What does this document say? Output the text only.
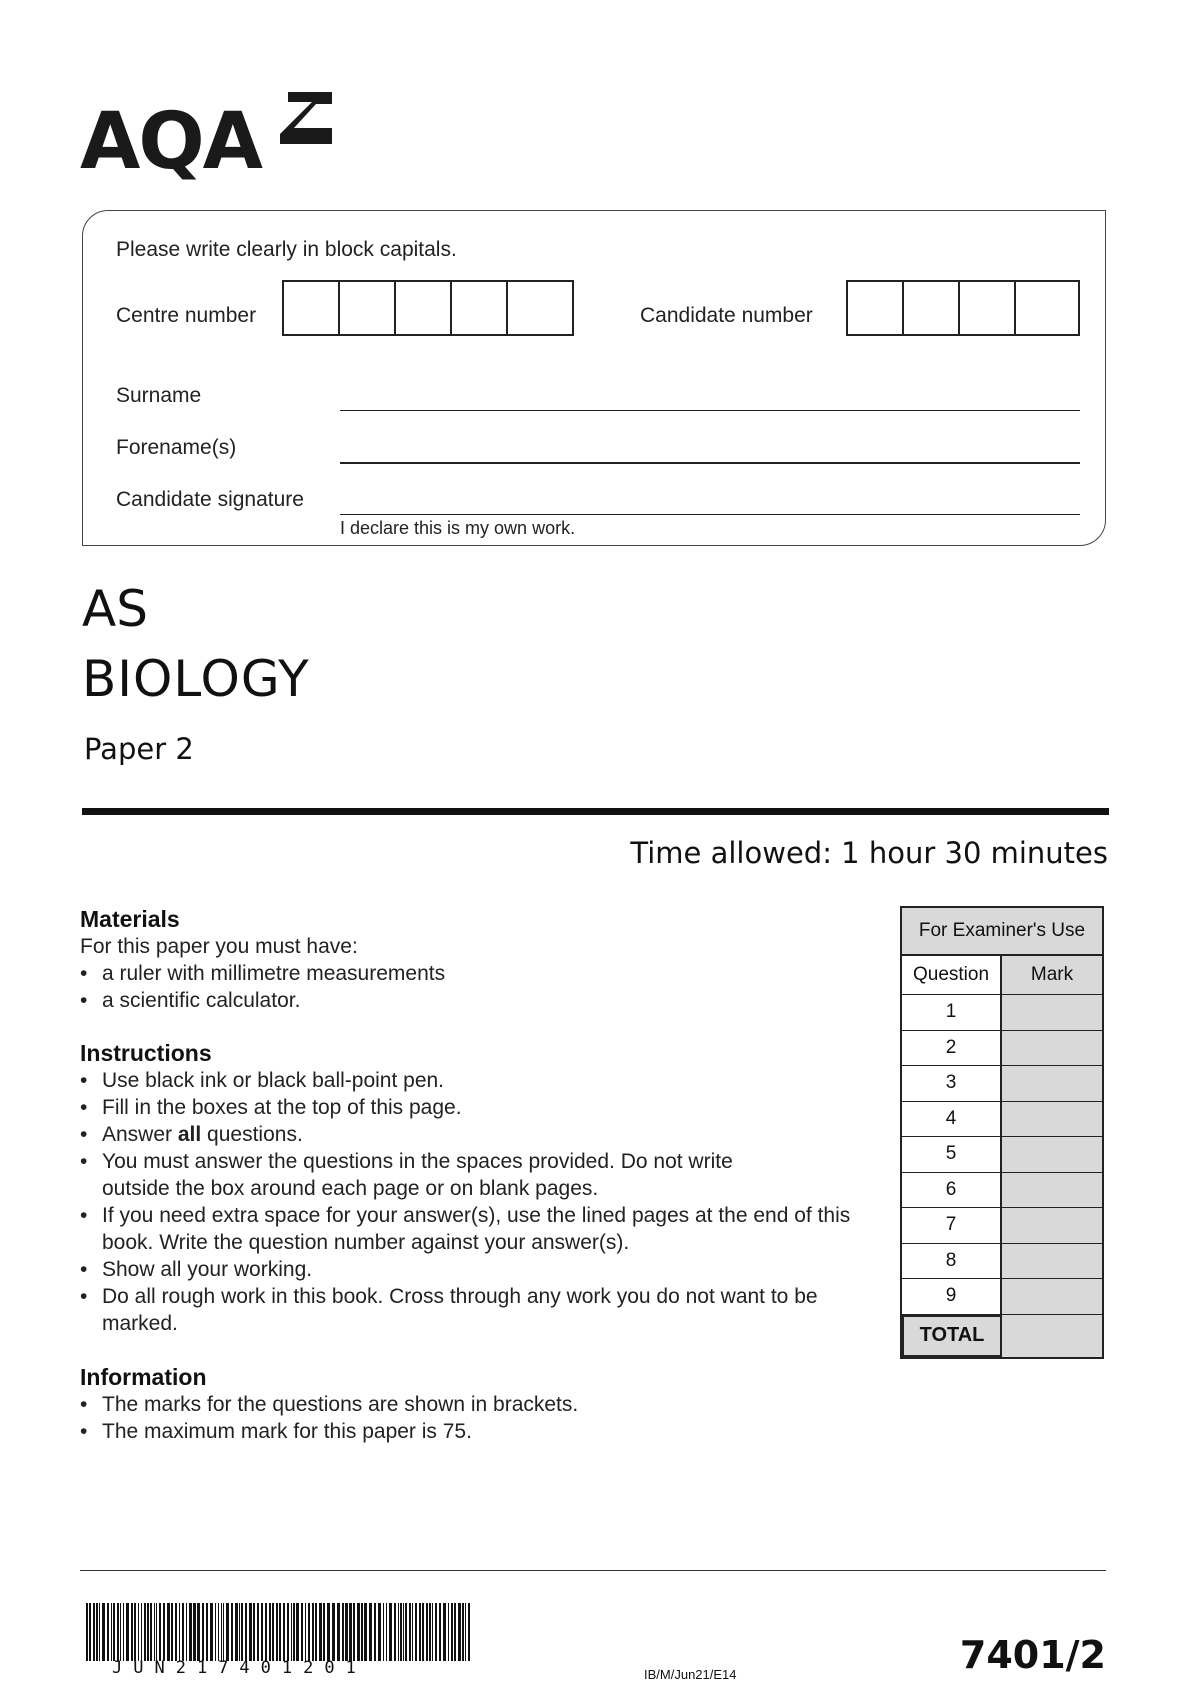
AQA
Please write clearly in block capitals.
Centre number	Candidate number
Surname
Forename(s)
Candidate signature
I declare this is my own work.
AS
BIOLOGY
Paper 2
Time allowed: 1 hour 30 minutes
Materials
For this paper you must have:
• a ruler with millimetre measurements
• a scientific calculator.
Instructions
• Use black ink or black ball-point pen.
• Fill in the boxes at the top of this page.
• Answer all questions.
• You must answer the questions in the spaces provided. Do not write outside the box around each page or on blank pages.
• If you need extra space for your answer(s), use the lined pages at the end of this book. Write the question number against your answer(s).
• Show all your working.
• Do all rough work in this book. Cross through any work you do not want to be marked.
Information
• The marks for the questions are shown in brackets.
• The maximum mark for this paper is 75.
For Examiner's Use
Question	Mark
1
2
3
4
5
6
7
8
9
TOTAL
JUN217401201	IB/M/Jun21/E14	7401/2
